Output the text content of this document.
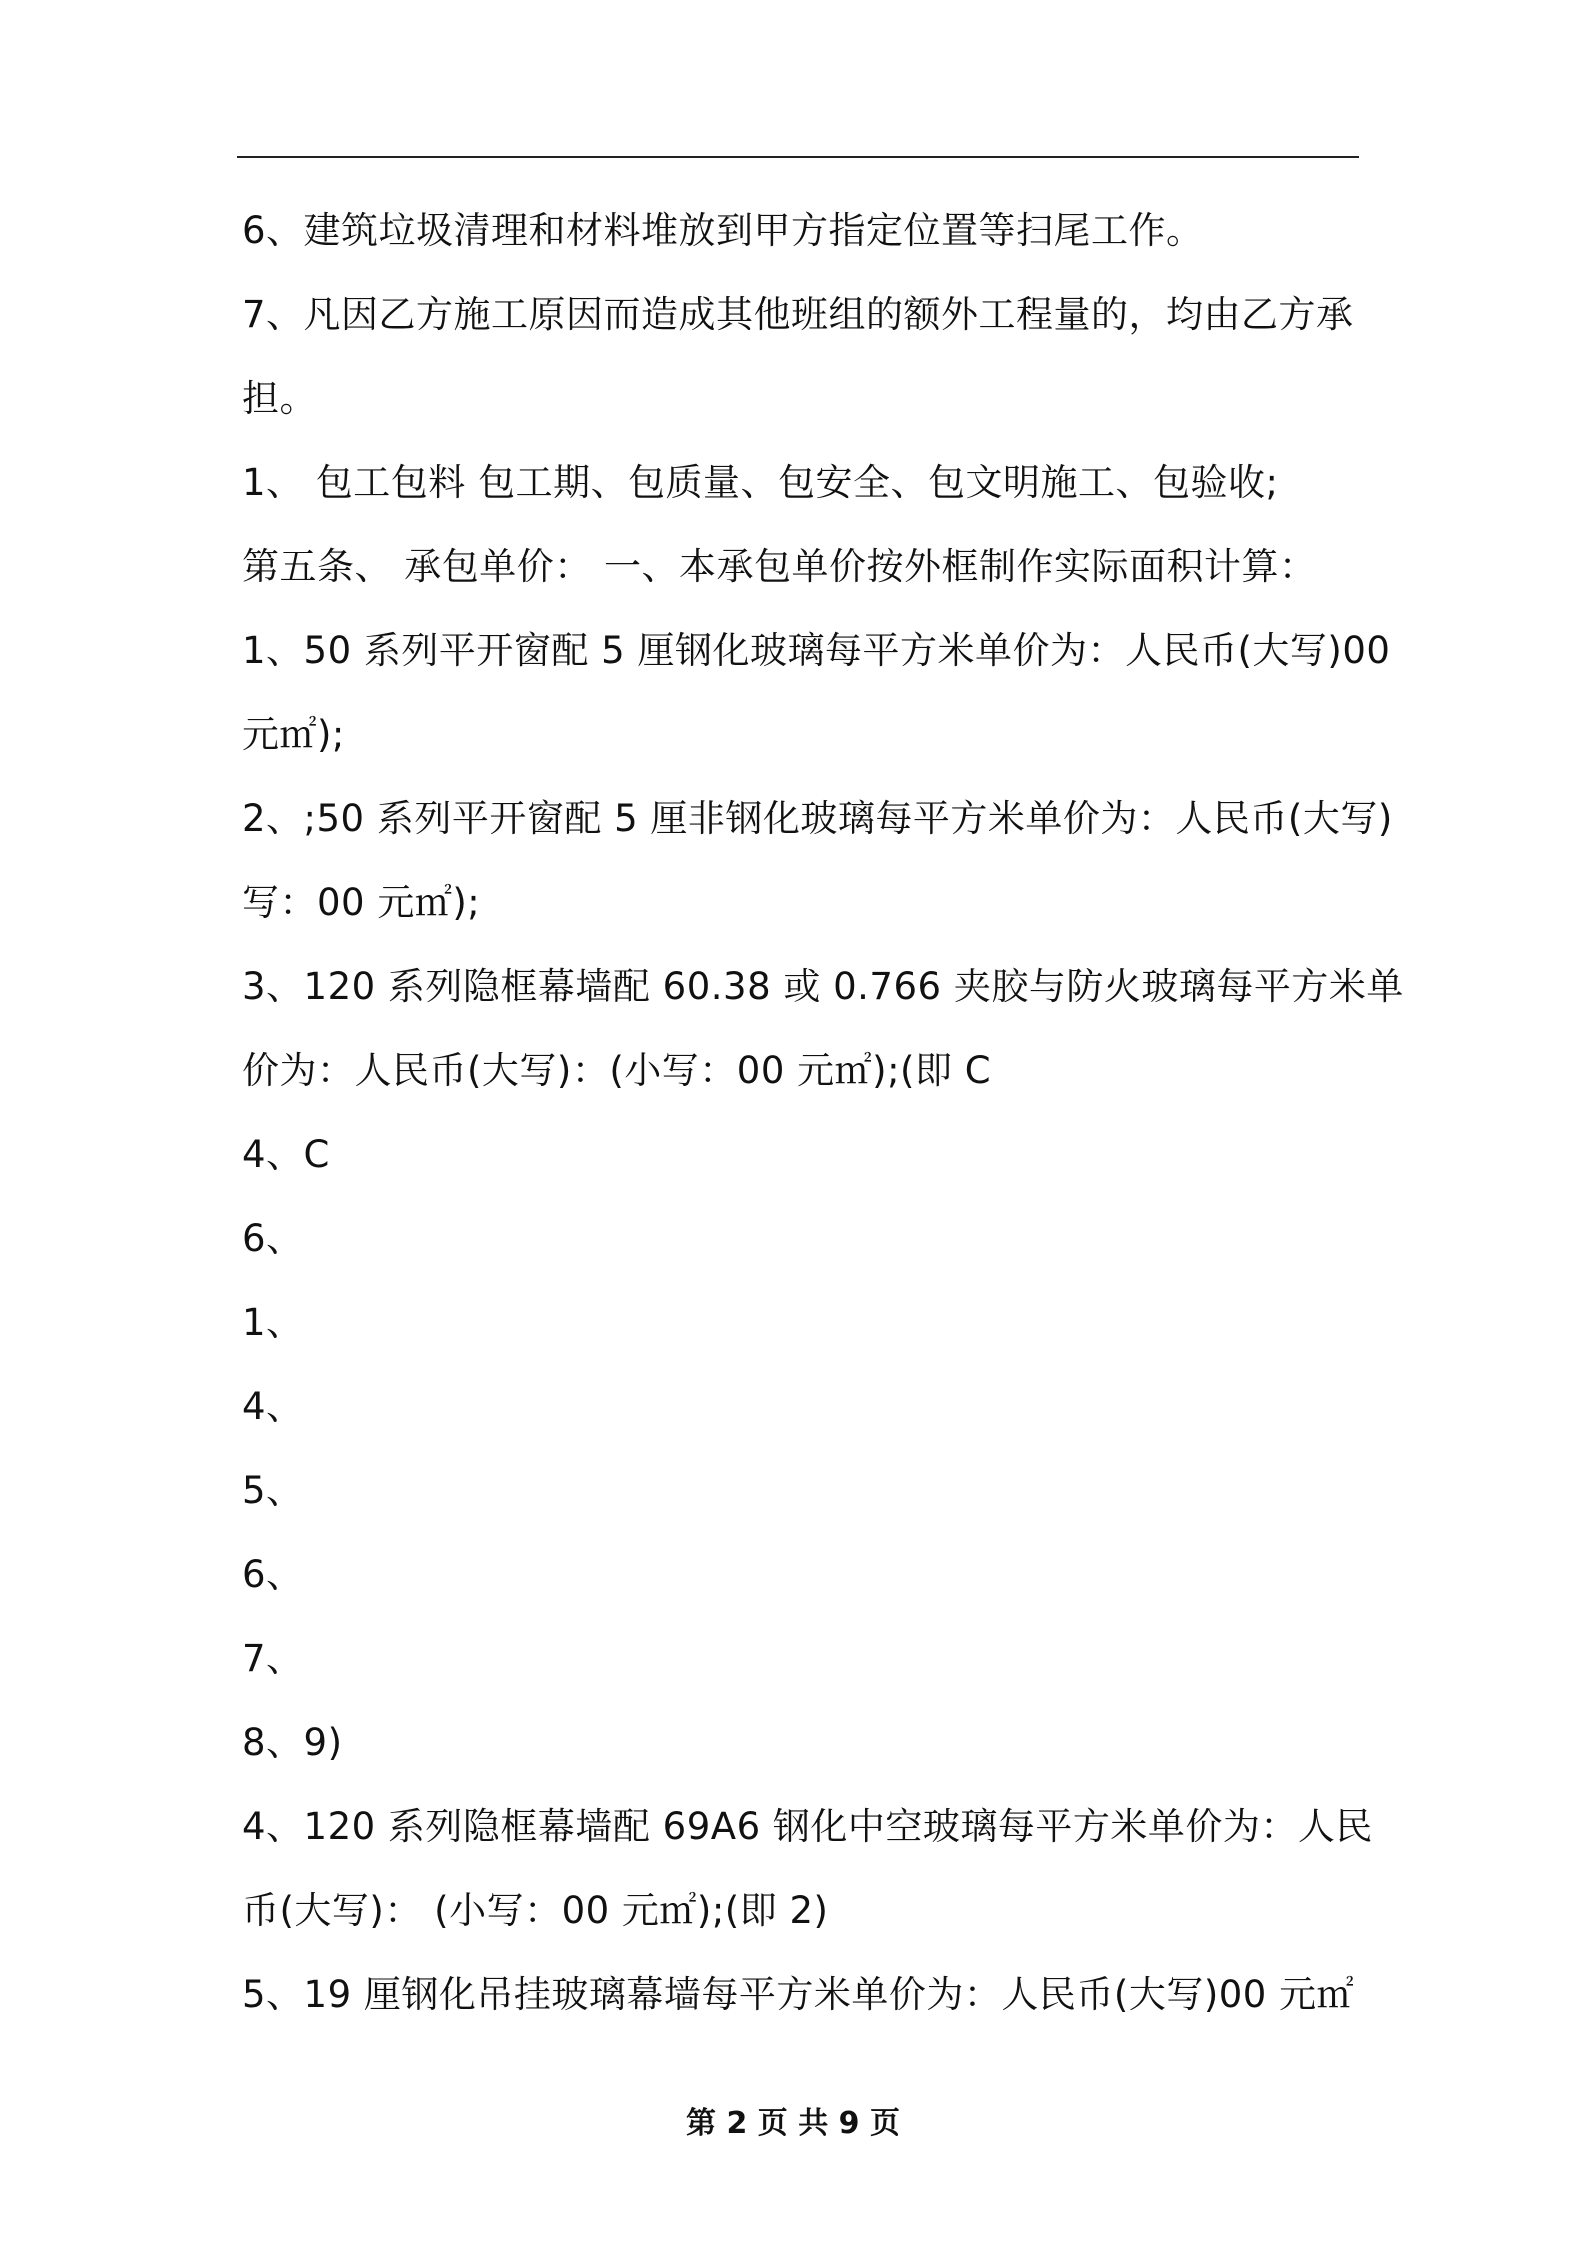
6、建筑垃圾清理和材料堆放到甲方指定位置等扫尾工作。
7、凡因乙方施工原因而造成其他班组的额外工程量的，均由乙方承
担。
1、 包工包料 包工期、包质量、包安全、包文明施工、包验收;
第五条、 承包单价： 一、本承包单价按外框制作实际面积计算：
1、50 系列平开窗配 5 厘钢化玻璃每平方米单价为：人民币(大写)00
元㎡);
2、;50 系列平开窗配 5 厘非钢化玻璃每平方米单价为：人民币(大写)
写：00 元㎡);
3、120 系列隐框幕墙配 60.38 或 0.766 夹胶与防火玻璃每平方米单
价为：人民币(大写)：(小写：00 元㎡);(即 C
4、C
6、
1、
4、
5、
6、
7、
8、9)
4、120 系列隐框幕墙配 69A6 钢化中空玻璃每平方米单价为：人民
币(大写)： (小写：00 元㎡);(即 2)
5、19 厘钢化吊挂玻璃幕墙每平方米单价为：人民币(大写)00 元㎡
第 2 页 共 9 页
